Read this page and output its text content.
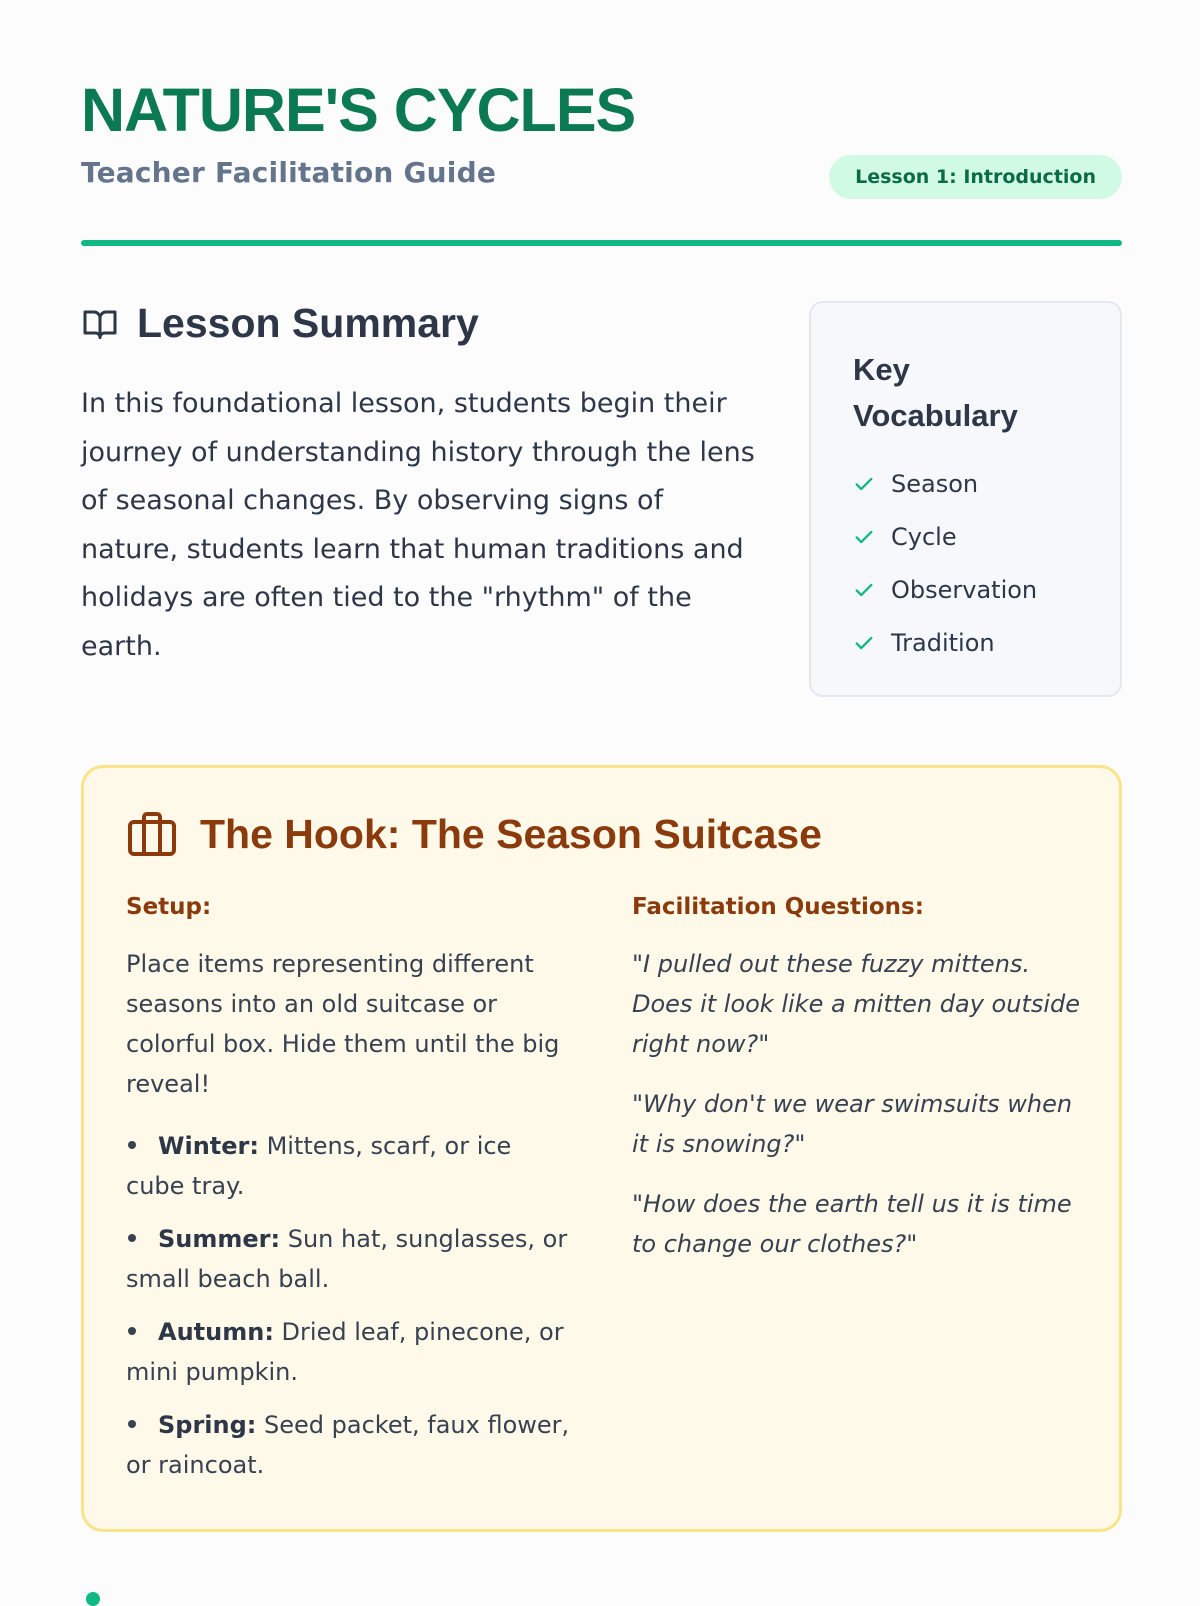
NATURE'S CYCLES
Teacher Facilitation Guide	Lesson 1: Introduction
Lesson Summary

In this foundational lesson, students begin their journey of understanding history through the lens of seasonal changes. By observing signs of nature, students learn that human traditions and holidays are often tied to the "rhythm" of the earth.

Key Vocabulary
Season
Cycle
Observation
Tradition
The Hook: The Season Suitcase
Setup:	Facilitation Questions:

Place items representing different seasons into an old suitcase or colorful box. Hide them until the big reveal!

Winter: Mittens, scarf, or ice cube tray.
Summer: Sun hat, sunglasses, or small beach ball.
Autumn: Dried leaf, pinecone, or mini pumpkin.
Spring: Seed packet, faux flower, or raincoat.

"I pulled out these fuzzy mittens. Does it look like a mitten day outside right now?"

"Why don't we wear swimsuits when it is snowing?"

"How does the earth tell us it is time to change our clothes?"
